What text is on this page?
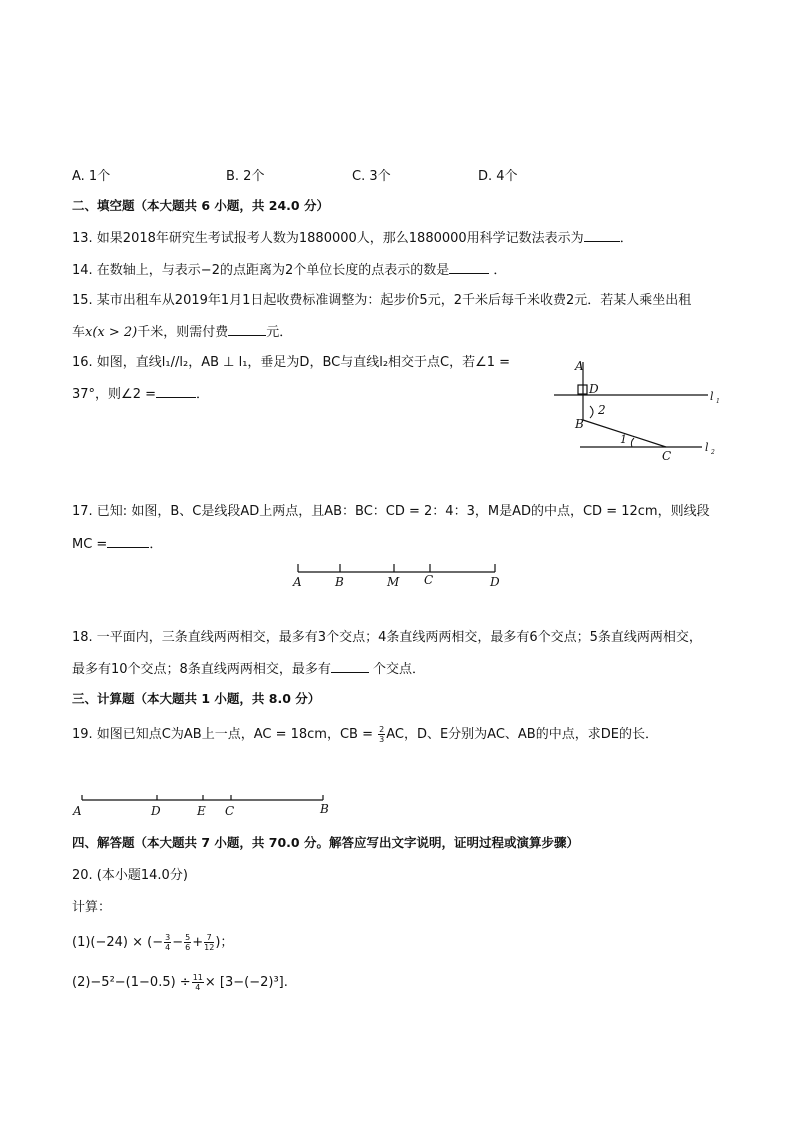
A. 1个	B. 2个	C. 3个	D. 4个
二、填空题（本大题共 6 小题，共 24.0 分）
13. 如果2018年研究生考试报考人数为1880000人，那么1880000用科学记数法表示为	．
14. 在数轴上，与表示−2的点距离为2个单位长度的点表示的数是	．
15. 某市出租车从2019年1月1日起收费标准调整为：起步价5元，2千米后每千米收费2元．若某人乘坐出租
车x(x > 2)千米，则需付费	元．
16. 如图，直线l₁//l₂，AB ⊥ l₁，垂足为D，BC与直线l₂相交于点C，若∠1 =
37°，则∠2 =	．
A
D
l 1
2
B
1
C
l 2
17. 已知: 如图，B、C是线段AD上两点，且AB：BC：CD = 2：4：3，M是AD的中点，CD = 12cm，则线段
MC =	．
A	B	M C	D
18. 一平面内，三条直线两两相交，最多有3个交点；4条直线两两相交，最多有6个交点；5条直线两两相交，
最多有10个交点；8条直线两两相交，最多有	个交点．
三、计算题（本大题共 1 小题，共 8.0 分）
19. 如图已知点C为AB上一点，AC = 18cm，CB = $\frac{2}{3}$ AC，D、E分别为AC、AB的中点，求DE的长．
A	D	E C	B
四、解答题（本大题共 7 小题，共 70.0 分。解答应写出文字说明，证明过程或演算步骤）
20. (本小题14.0分)
计算：
(1)(−24) × (− $\frac{3}{4} - \frac{5}{6} + \frac{7}{12}$ )；
$(2)-5^2-(1-0.5) \div \frac{11}{4} \times [3-(-2)^3]$.
